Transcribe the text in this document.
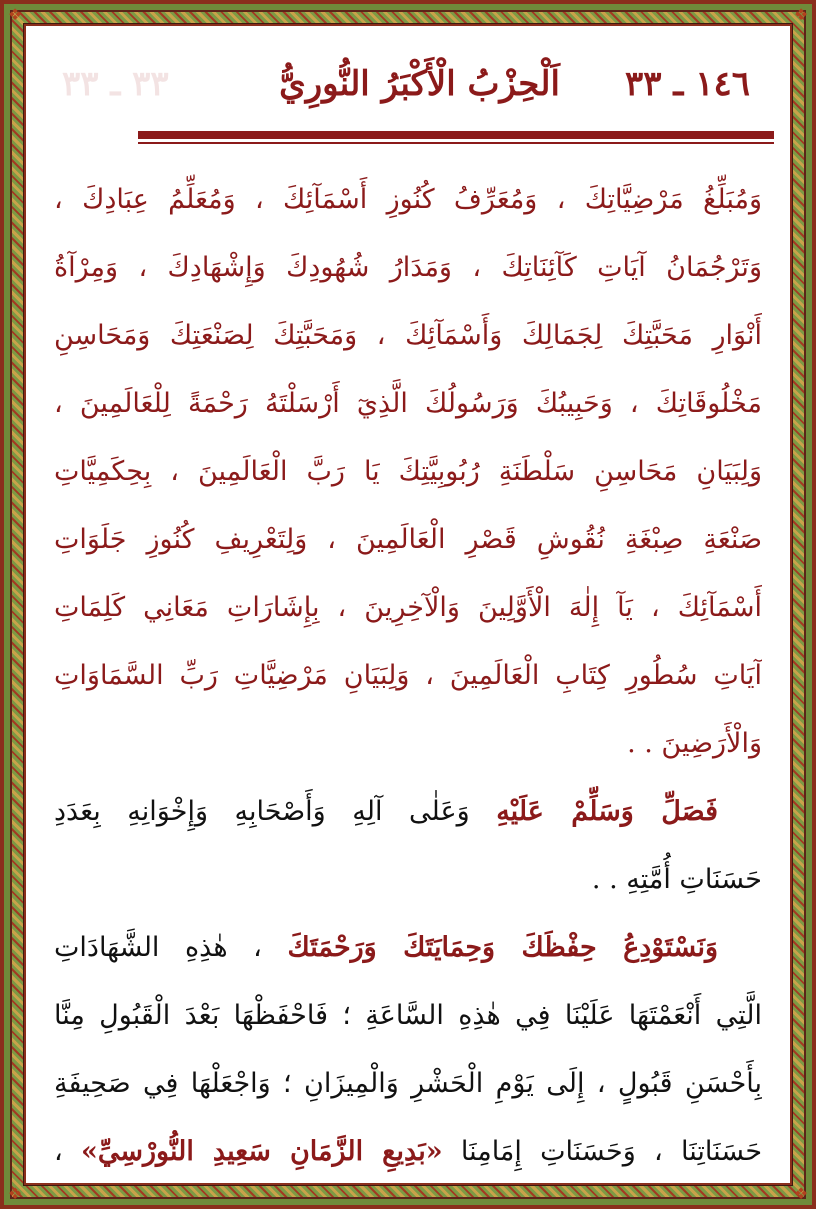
❖	❖
❖	❖
١٤٦ ـ ٣٣
اَلْحِزْبُ الْأَكْبَرُ النُّورِيُّ
٣٣ ـ ٣٣
وَمُبَلِّغُ مَرْضِيَّاتِكَ ، وَمُعَرِّفُ كُنُوزِ أَسْمَآئِكَ ، وَمُعَلِّمُ عِبَادِكَ ،
وَتَرْجُمَانُ آيَاتِ كَآئِنَاتِكَ ، وَمَدَارُ شُهُودِكَ وَإِشْهَادِكَ ، وَمِرْآةُ
أَنْوَارِ مَحَبَّتِكَ لِجَمَالِكَ وَأَسْمَآئِكَ ، وَمَحَبَّتِكَ لِصَنْعَتِكَ وَمَحَاسِنِ
مَخْلُوقَاتِكَ ، وَحَبِيبُكَ وَرَسُولُكَ الَّذِيٓ أَرْسَلْتَهُ رَحْمَةً لِلْعَالَمِينَ ،
وَلِبَيَانِ مَحَاسِنِ سَلْطَنَةِ رُبُوبِيَّتِكَ يَا رَبَّ الْعَالَمِينَ ، بِحِكَمِيَّاتِ
صَنْعَةِ صِبْغَةِ نُقُوشِ قَصْرِ الْعَالَمِينَ ، وَلِتَعْرِيفِ كُنُوزِ جَلَوَاتِ
أَسْمَآئِكَ ، يَآ إِلٰهَ الْأَوَّلِينَ وَالْآخِرِينَ ، بِإِشَارَاتِ مَعَانِي كَلِمَاتِ
آيَاتِ سُطُورِ كِتَابِ الْعَالَمِينَ ، وَلِبَيَانِ مَرْضِيَّاتِ رَبِّ السَّمَاوَاتِ
وَالْأَرَضِينَ . .
فَصَلِّ وَسَلِّمْ عَلَيْهِ وَعَلٰى آلِهِ وَأَصْحَابِهِ وَإِخْوَانِهِ بِعَدَدِ
حَسَنَاتِ أُمَّتِهِ . .
وَنَسْتَوْدِعُ حِفْظَكَ وَحِمَايَتَكَ وَرَحْمَتَكَ ، هٰذِهِ الشَّهَادَاتِ
الَّتِي أَنْعَمْتَهَا عَلَيْنَا فِي هٰذِهِ السَّاعَةِ ؛ فَاحْفَظْهَا بَعْدَ الْقَبُولِ مِنَّا
بِأَحْسَنِ قَبُولٍ ، إِلَى يَوْمِ الْحَشْرِ وَالْمِيزَانِ ؛ وَاجْعَلْهَا فِي صَحِيفَةِ
حَسَنَاتِنَا ، وَحَسَنَاتِ إِمَامِنَا «بَدِيعِ الزَّمَانِ سَعِيدِ النُّورْسِيِّ» ،
